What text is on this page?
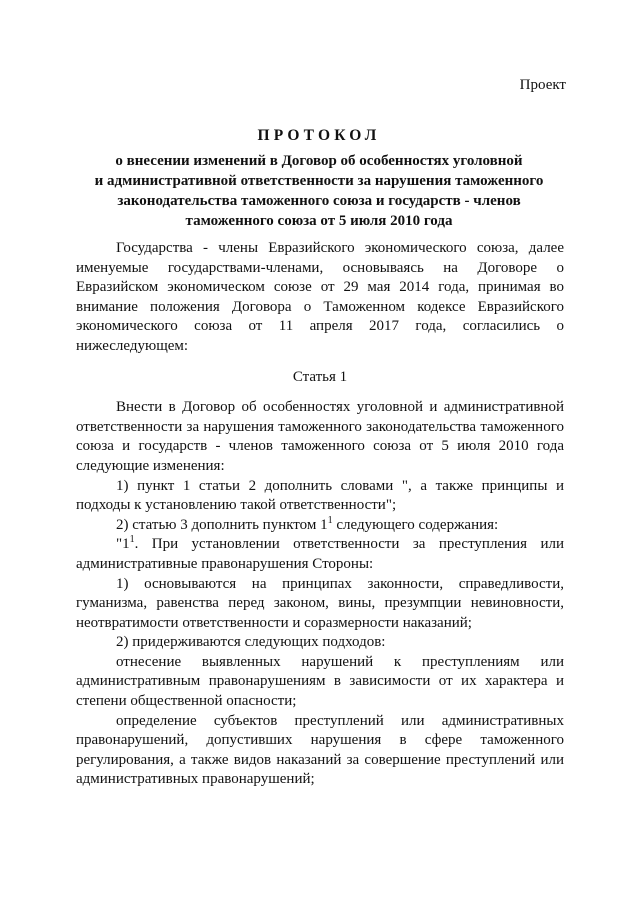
Проект
ПРОТОКОЛ
о внесении изменений в Договор об особенностях уголовной
и административной ответственности за нарушения таможенного
законодательства таможенного союза и государств - членов
таможенного союза от 5 июля 2010 года

Государства - члены Евразийского экономического союза, далее именуемые государствами-членами, основываясь на Договоре о Евразийском экономическом союзе от 29 мая 2014 года, принимая во внимание положения Договора о Таможенном кодексе Евразийского экономического союза от 11 апреля 2017 года, согласились о нижеследующем:

Статья 1

Внести в Договор об особенностях уголовной и административной ответственности за нарушения таможенного законодательства таможенного союза и государств - членов таможенного союза от 5 июля 2010 года следующие изменения:

1) пункт 1 статьи 2 дополнить словами ", а также принципы и подходы к установлению такой ответственности";

2) статью 3 дополнить пунктом $1^1$ следующего содержания:

"$1^1$. При установлении ответственности за преступления или административные правонарушения Стороны:

1) основываются на принципах законности, справедливости, гуманизма, равенства перед законом, вины, презумпции невиновности, неотвратимости ответственности и соразмерности наказаний;

2) придерживаются следующих подходов:

отнесение выявленных нарушений к преступлениям или административным правонарушениям в зависимости от их характера и степени общественной опасности;

определение субъектов преступлений или административных правонарушений, допустивших нарушения в сфере таможенного регулирования, а также видов наказаний за совершение преступлений или административных правонарушений;
